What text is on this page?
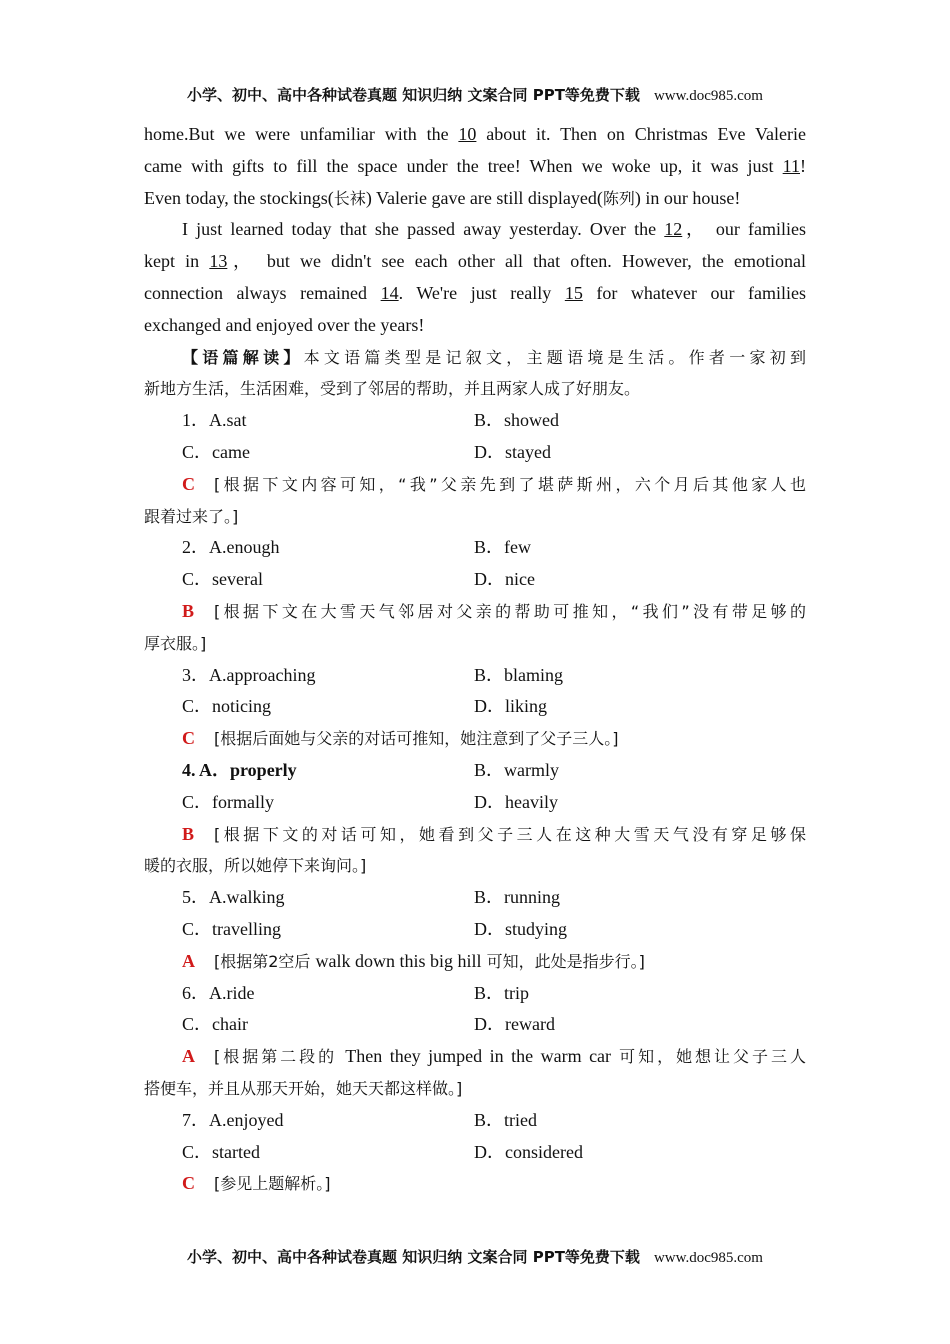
小学、初中、高中各种试卷真题 知识归纳 文案合同 PPT等免费下载 www.doc985.com
home.But we were unfamiliar with the 10 about it. Then on Christmas Eve Valerie
came with gifts to fill the space under the tree! When we woke up, it was just 11!
Even today, the stockings(长袜) Valerie gave are still displayed(陈列) in our house!
I just learned today that she passed away yesterday. Over the 12， our families
kept in 13， but we didn't see each other all that often. However, the emotional
connection always remained 14. We're just really 15 for whatever our families
exchanged and enjoyed over the years!
【语篇解读】本文语篇类型是记叙文，主题语境是生活。作者一家初到
新地方生活，生活困难，受到了邻居的帮助，并且两家人成了好朋友。
1．A.sat	B．showed
C．came	D．stayed
C [根据下文内容可知，“我”父亲先到了堪萨斯州，六个月后其他家人也
跟着过来了。]
2．A.enough	B．few
C．several	D．nice
B [根据下文在大雪天气邻居对父亲的帮助可推知，“我们”没有带足够的
厚衣服。]
3．A.approaching	B．blaming
C．noticing	D．liking
C [根据后面她与父亲的对话可推知，她注意到了父子三人。]
4. A．properly	B．warmly
C．formally	D．heavily
B [根据下文的对话可知，她看到父子三人在这种大雪天气没有穿足够保
暖的衣服，所以她停下来询问。]
5．A.walking	B．running
C．travelling	D．studying
A [根据第2空后 walk down this big hill 可知，此处是指步行。]
6．A.ride	B．trip
C．chair	D．reward
A [根据第二段的 Then they jumped in the warm car 可知，她想让父子三人
搭便车，并且从那天开始，她天天都这样做。]
7．A.enjoyed	B．tried
C．started	D．considered
C [参见上题解析。]
小学、初中、高中各种试卷真题 知识归纳 文案合同 PPT等免费下载 www.doc985.com
